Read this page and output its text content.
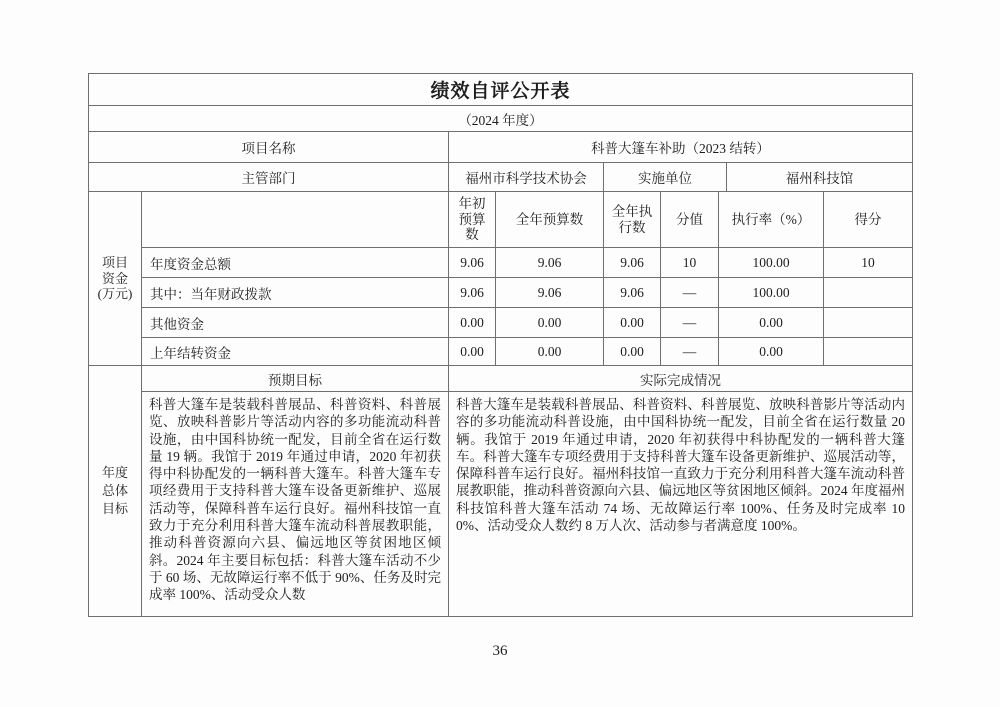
绩效自评公开表			
（2024 年度）			
项目名称	科普大篷车补助（2023 结转）		
主管部门	福州市科学技术协会	实施单位	福州科技馆
项目资金(万元)		年初预算数	全年预算数	全年执行数	分值	执行率（%）	得分
	年度资金总额	9.06	9.06	9.06	10	100.00	10
	其中：当年财政拨款	9.06	9.06	9.06	—	100.00	
	其他资金	0.00	0.00	0.00	—	0.00	
	上年结转资金	0.00	0.00	0.00	—	0.00	
年度总体目标	预期目标	实际完成情况
科普大篷车是装载科普展品、科普资料、科普展览、放映科普影片等活动内容的多功能流动科普设施，由中国科协统一配发，目前全省在运行数量 19 辆。我馆于 2019 年通过申请，2020 年初获得中科协配发的一辆科普大篷车。科普大篷车专项经费用于支持科普大篷车设备更新维护、巡展活动等，保障科普车运行良好。福州科技馆一直致力于充分利用科普大篷车流动科普展教职能，推动科普资源向六县、偏远地区等贫困地区倾斜。2024 年主要目标包括：科普大篷车活动不少于 60 场、无故障运行率不低于 90%、任务及时完成率 100%、活动受众人数	科普大篷车是装载科普展品、科普资料、科普展览、放映科普影片等活动内容的多功能流动科普设施，由中国科协统一配发，目前全省在运行数量 20 辆。我馆于 2019 年通过申请，2020 年初获得中科协配发的一辆科普大篷车。科普大篷车专项经费用于支持科普大篷车设备更新维护、巡展活动等，保障科普车运行良好。福州科技馆一直致力于充分利用科普大篷车流动科普展教职能，推动科普资源向六县、偏远地区等贫困地区倾斜。2024 年度福州科技馆科普大篷车活动 74 场、无故障运行率 100%、任务及时完成率 100%、活动受众人数约 8 万人次、活动参与者满意度 100%。
36
